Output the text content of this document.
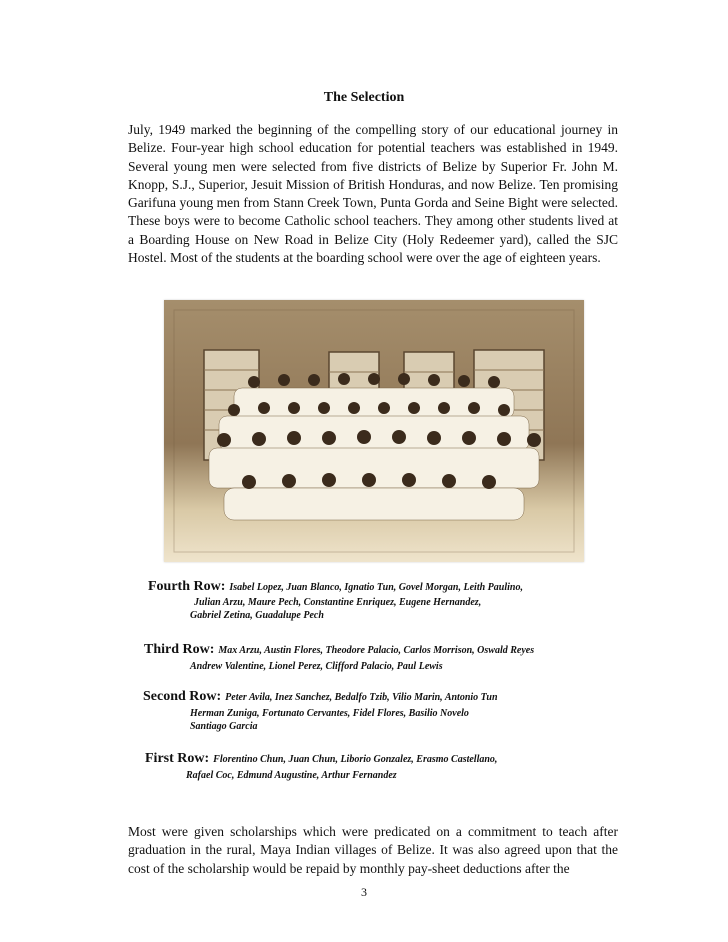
The Selection
July, 1949 marked the beginning of the compelling story of our educational journey in Belize. Four-year high school education for potential teachers was established in 1949. Several young men were selected from five districts of Belize by Superior Fr. John M. Knopp, S.J., Superior, Jesuit Mission of British Honduras, and now Belize. Ten promising Garifuna young men from Stann Creek Town, Punta Gorda and Seine Bight were selected. These boys were to become Catholic school teachers. They among other students lived at a Boarding House on New Road in Belize City (Holy Redeemer yard), called the SJC Hostel. Most of the students at the boarding school were over the age of eighteen years.
Fourth Row: Isabel Lopez, Juan Blanco, Ignatio Tun, Govel Morgan, Leith Paulino,
Julian Arzu, Maure Pech, Constantine Enriquez, Eugene Hernandez,
Gabriel Zetina, Guadalupe Pech
Third Row: Max Arzu, Austin Flores, Theodore Palacio, Carlos Morrison, Oswald Reyes
Andrew Valentine, Lionel Perez, Clifford Palacio, Paul Lewis
Second Row: Peter Avila, Inez Sanchez, Bedalfo Tzib, Vilio Marin, Antonio Tun
Herman Zuniga, Fortunato Cervantes, Fidel Flores, Basilio Novelo
Santiago Garcia
First Row: Florentino Chun, Juan Chun, Liborio Gonzalez, Erasmo Castellano,
Rafael Coc, Edmund Augustine, Arthur Fernandez
Most were given scholarships which were predicated on a commitment to teach after graduation in the rural, Maya Indian villages of Belize. It was also agreed upon that the cost of the scholarship would be repaid by monthly pay-sheet deductions after the
3
